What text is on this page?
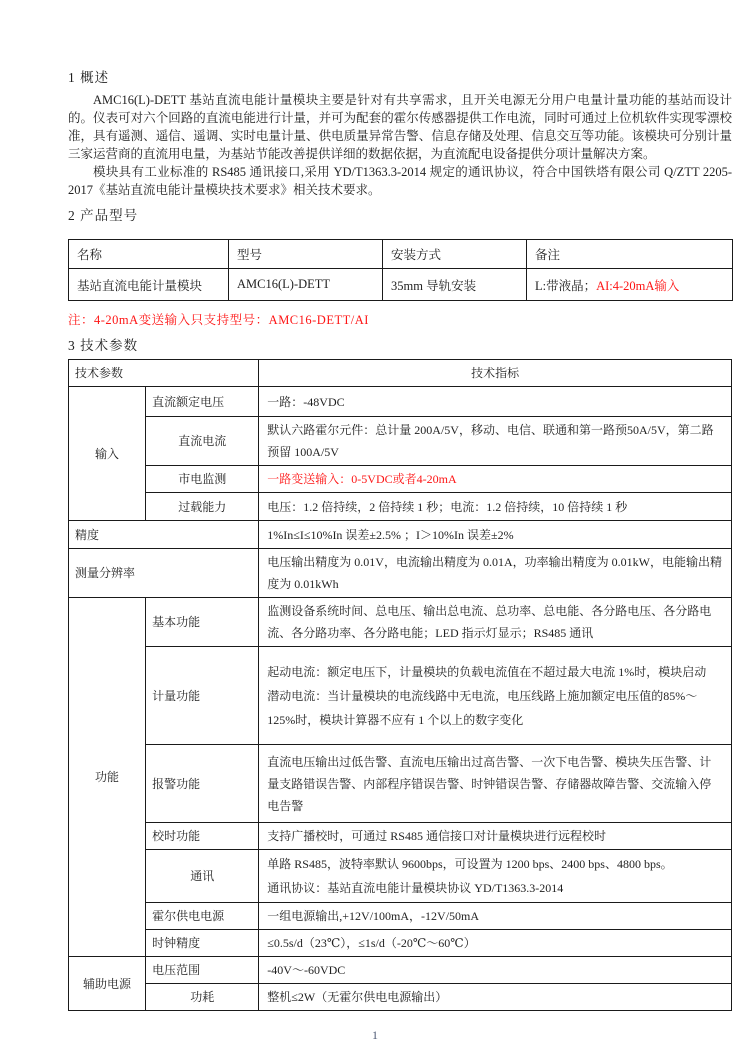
1 概述

AMC16(L)-DETT 基站直流电能计量模块主要是针对有共享需求，且开关电源无分用户电量计量功能的基站而设计的。仪表可对六个回路的直流电能进行计量，并可为配套的霍尔传感器提供工作电流，同时可通过上位机软件实现零漂校准，具有遥测、遥信、遥调、实时电量计量、供电质量异常告警、信息存储及处理、信息交互等功能。该模块可分别计量三家运营商的直流用电量，为基站节能改善提供详细的数据依据，为直流配电设备提供分项计量解决方案。

模块具有工业标准的 RS485 通讯接口,采用 YD/T1363.3-2014 规定的通讯协议，符合中国铁塔有限公司 Q/ZTT 2205-2017《基站直流电能计量模块技术要求》相关技术要求。

2 产品型号
名称	型号	安装方式	备注
基站直流电能计量模块	AMC16(L)-DETT	35mm 导轨安装	L:带液晶；AI:4-20mA输入
注：4-20mA变送输入只支持型号：AMC16-DETT/AI
3 技术参数
技术参数		技术指标
输入	直流额定电压	一路：-48VDC
	直流电流	默认六路霍尔元件：总计量 200A/5V，移动、电信、联通和第一路预50A/5V，第二路预留 100A/5V
	市电监测	一路变送输入：0-5VDC或者4-20mA
	过载能力	电压：1.2 倍持续，2 倍持续 1 秒；电流：1.2 倍持续，10 倍持续 1 秒
精度		1%In≤I≤10%In 误差±2.5% ；I＞10%In 误差±2%
测量分辨率		电压输出精度为 0.01V，电流输出精度为 0.01A，功率输出精度为 0.01kW，电能输出精度为 0.01kWh
功能	基本功能	监测设备系统时间、总电压、输出总电流、总功率、总电能、各分路电压、各分路电流、各分路功率、各分路电能；LED 指示灯显示；RS485 通讯
	计量功能	起动电流：额定电压下，计量模块的负载电流值在不超过最大电流 1%时，模块启动
潜动电流：当计量模块的电流线路中无电流，电压线路上施加额定电压值的85%～125%时，模块计算器不应有 1 个以上的数字变化

	报警功能	直流电压输出过低告警、直流电压输出过高告警、一次下电告警、模块失压告警、计量支路错误告警、内部程序错误告警、时钟错误告警、存储器故障告警、交流输入停电告警
	校时功能	支持广播校时，可通过 RS485 通信接口对计量模块进行远程校时
	通讯	单路 RS485，波特率默认 9600bps，可设置为 1200 bps、2400 bps、4800 bps。
通讯协议：基站直流电能计量模块协议 YD/T1363.3-2014

	霍尔供电电源	一组电源输出,+12V/100mA，-12V/50mA
	时钟精度	≤0.5s/d（23℃），≤1s/d（-20℃～60℃）
辅助电源	电压范围	-40V～-60VDC
	功耗	整机≤2W（无霍尔供电电源输出）
1
